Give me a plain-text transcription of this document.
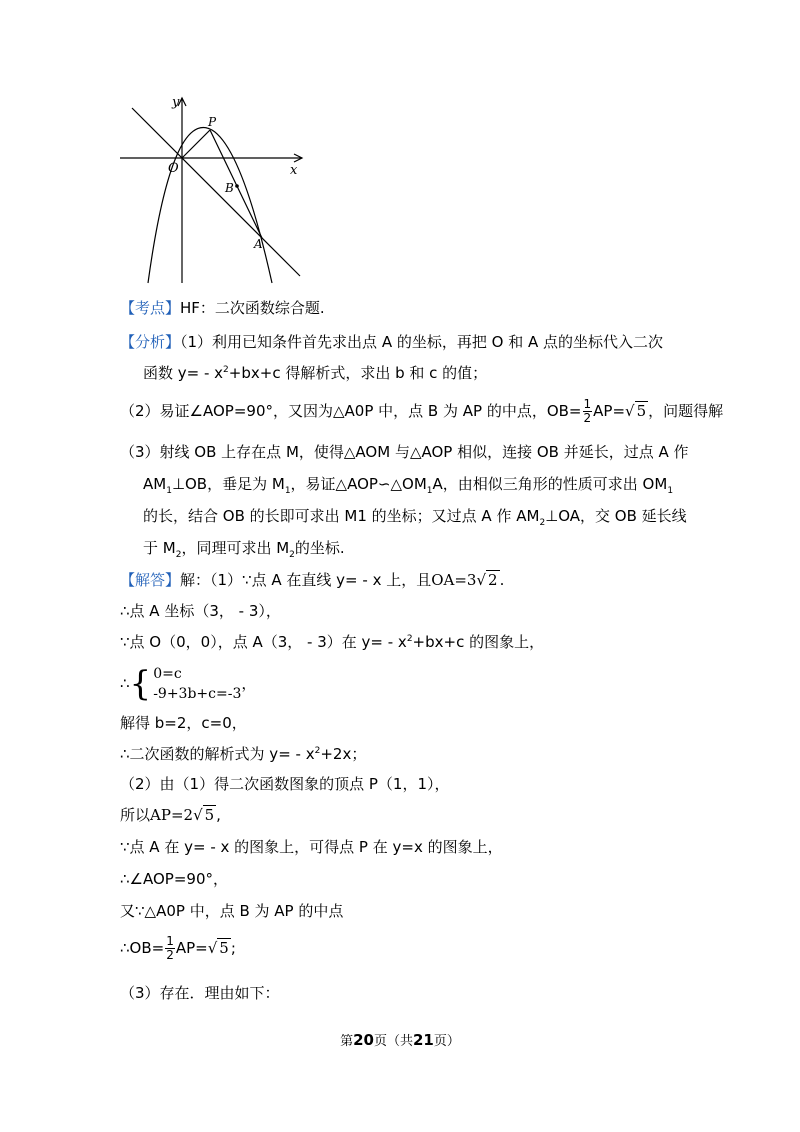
y
x
O
P
B
A
【考点】HF：二次函数综合题.
【分析】（1）利用已知条件首先求出点 A 的坐标，再把 O 和 A 点的坐标代入二次
函数 $y= - x^2+bx+c$ 得解析式，求出 b 和 c 的值；
（2）易证∠AOP=90°，又因为△A0P 中，点 B 为 AP 的中点，$OB= \frac{1}{2} AP=√$ 5 ，问题得解
（3）射线 OB 上存在点 M，使得△AOM 与△AOP 相似，连接 OB 并延长，过点 A 作
$AM_1\perp OB$，垂足为 $M_1$，易证$\triangle AOP∽\triangle OM_1A$，由相似三角形的性质可求出 $OM_1$
的长，结合 OB 的长即可求出 M1 的坐标；又过点 A 作 $AM_2\perp OA$，交 OB 延长线
于 $M_2$，同理可求出 $M_2$的坐标.
【解答】解：（1）∵点 A 在直线 y= - x 上，且OA=3√ 2 .
∴点 A 坐标（3， - 3），
∵点 O（0，0），点 A（3， - 3）在 $y= - x^2+bx+c$ 的图象上，
∴{ 0=c
-9+3b+c=-3
，
解得 b=2，c=0，
∴二次函数的解析式为 $y= - x^2+2x$；
（2）由（1）得二次函数图象的顶点 P（1，1），
所以AP=2√ 5 ,
∵点 A 在 y= - x 的图象上，可得点 P 在 y=x 的图象上，
∴∠AOP=90°，
又∵△A0P 中，点 B 为 AP 的中点
∴OB= $\frac{1}{2} AP=√$ 5 ;
（3）存在．理由如下：
第20页（共21页）
